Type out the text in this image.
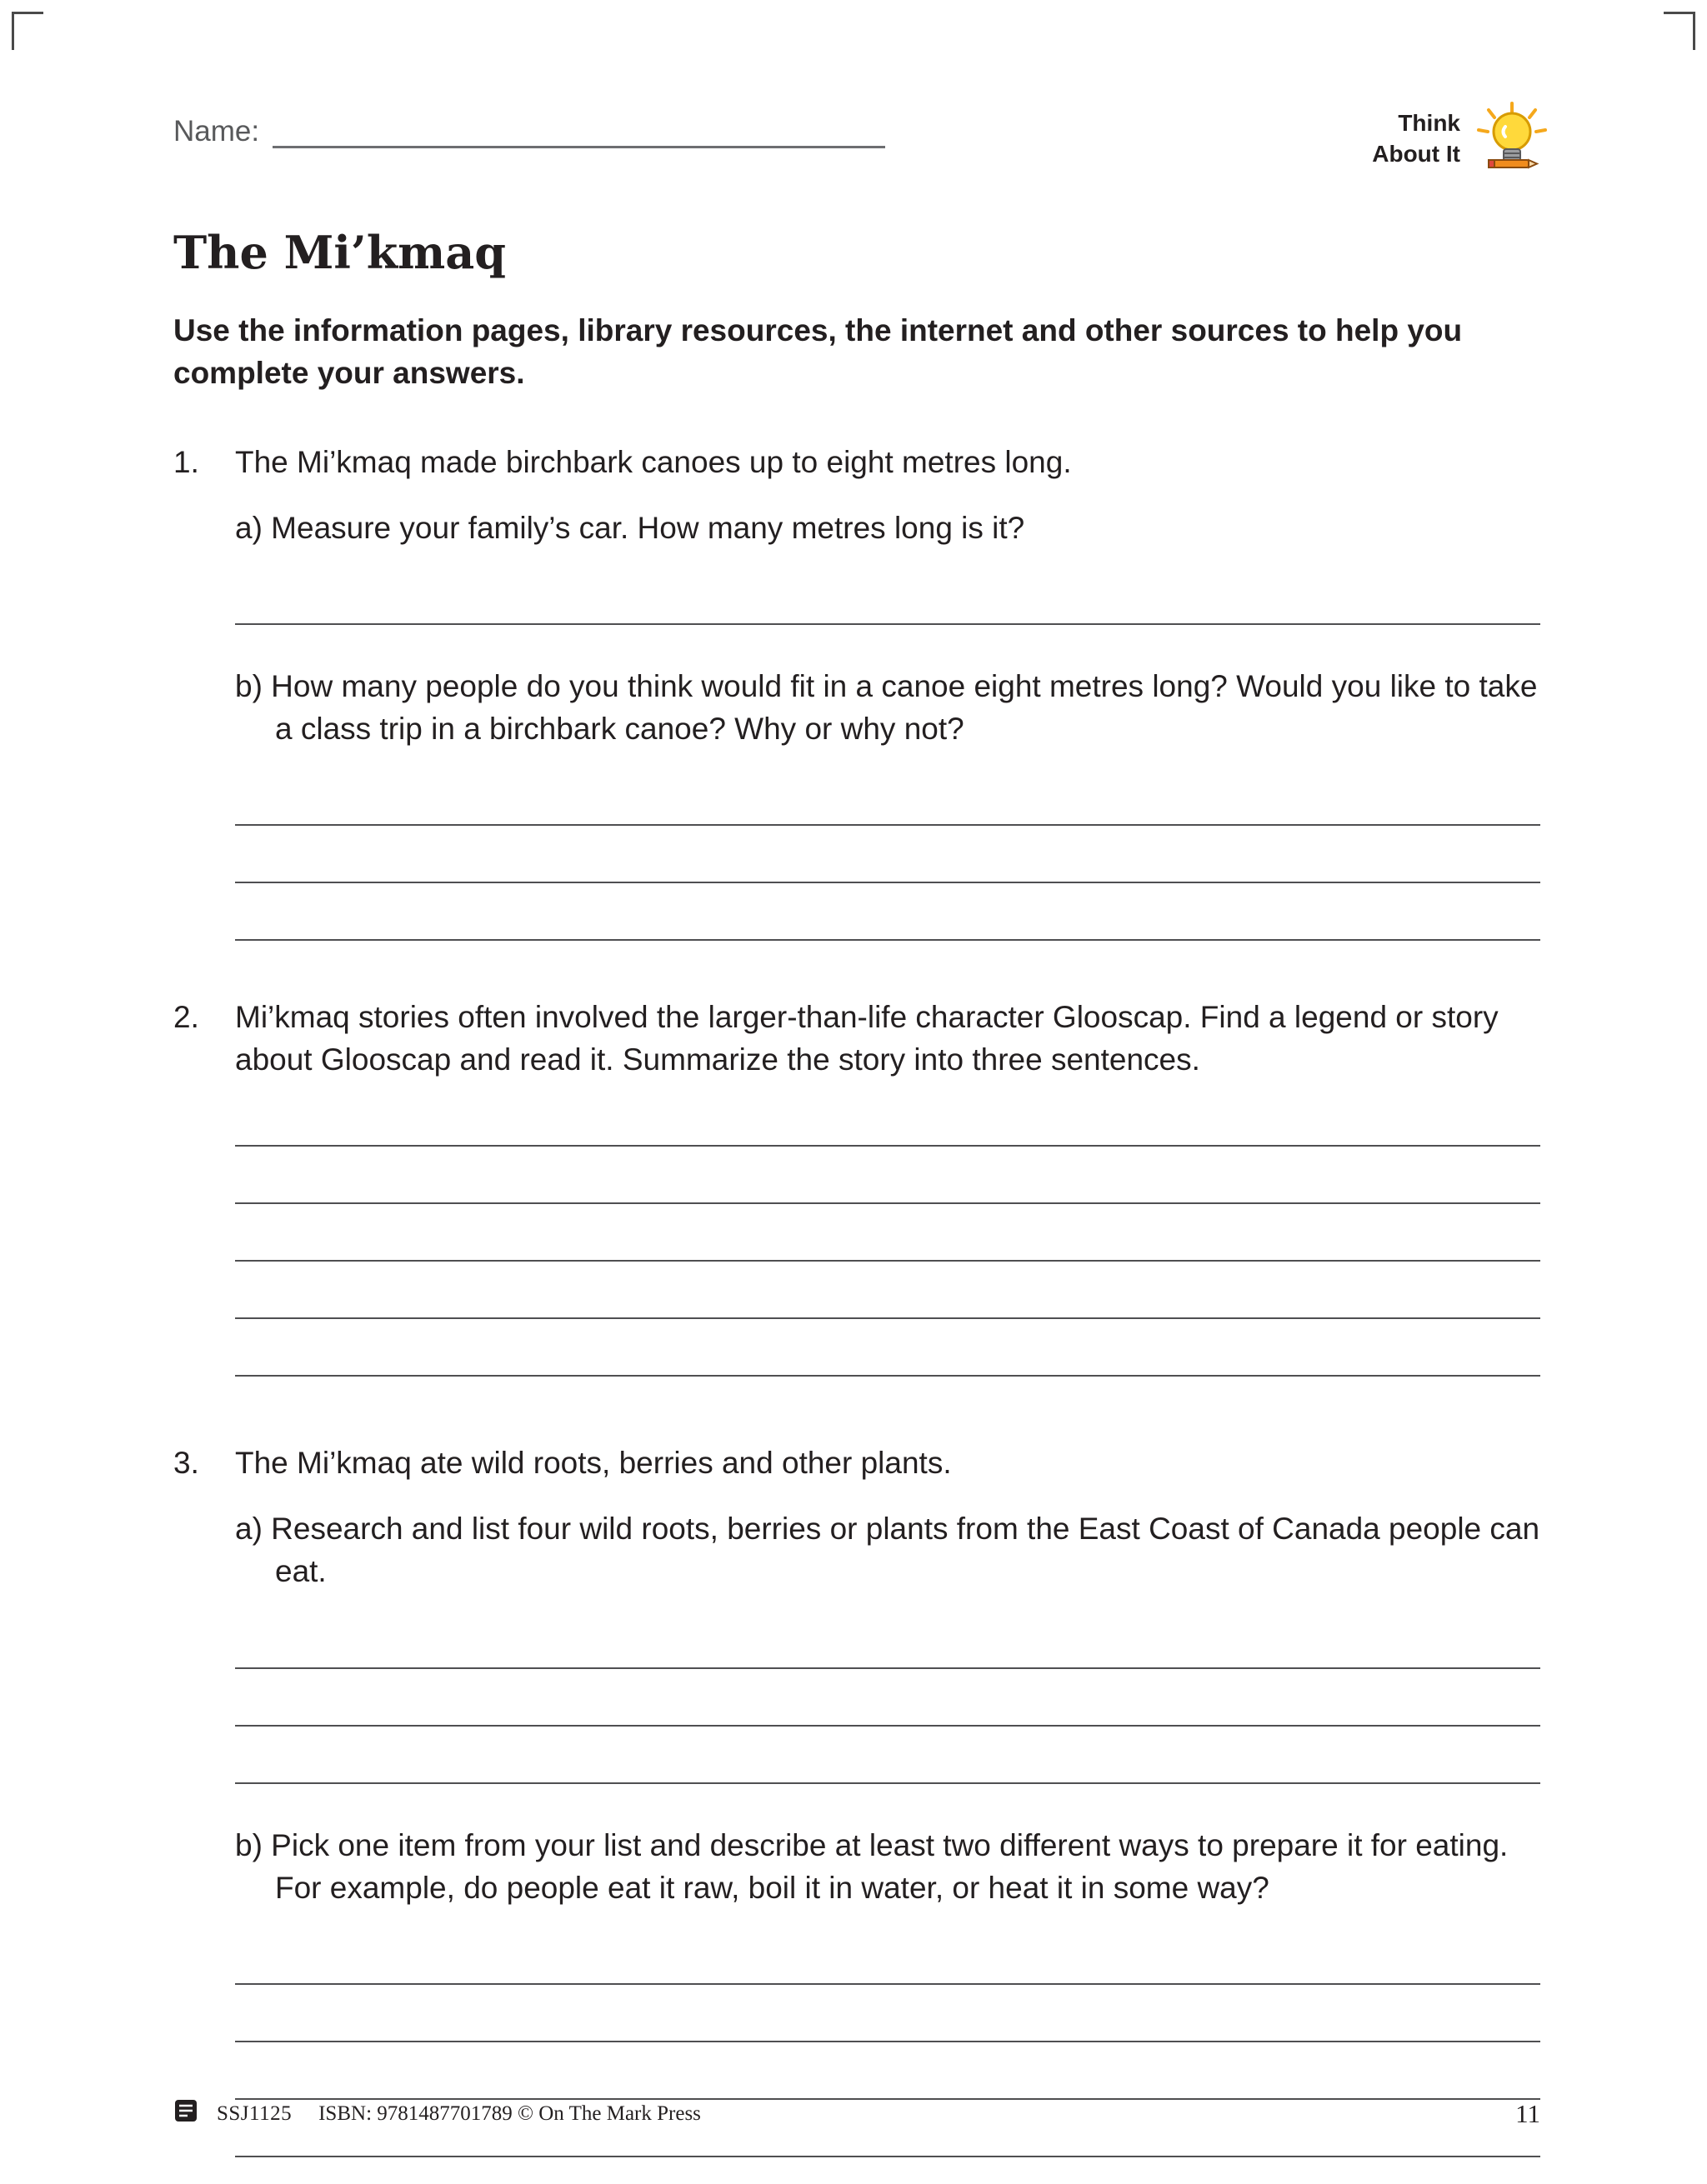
Name:	Think
About It
The Mi’kmaq

Use the information pages, library resources, the internet and other sources to help you complete your answers.

1.	The Mi’kmaq made birchbark canoes up to eight metres long.
a) Measure your family’s car. How many metres long is it?
b) How many people do you think would fit in a canoe eight metres long? Would you like to take a class trip in a birchbark canoe? Why or why not?
2.	Mi’kmaq stories often involved the larger-than-life character Glooscap. Find a legend or story about Glooscap and read it. Summarize the story into three sentences.
3.	The Mi’kmaq ate wild roots, berries and other plants.
a) Research and list four wild roots, berries or plants from the East Coast of Canada people can eat.
b) Pick one item from your list and describe at least two different ways to prepare it for eating. For example, do people eat it raw, boil it in water, or heat it in some way?
SSJ1125 ISBN: 9781487701789 © On The Mark Press	11
